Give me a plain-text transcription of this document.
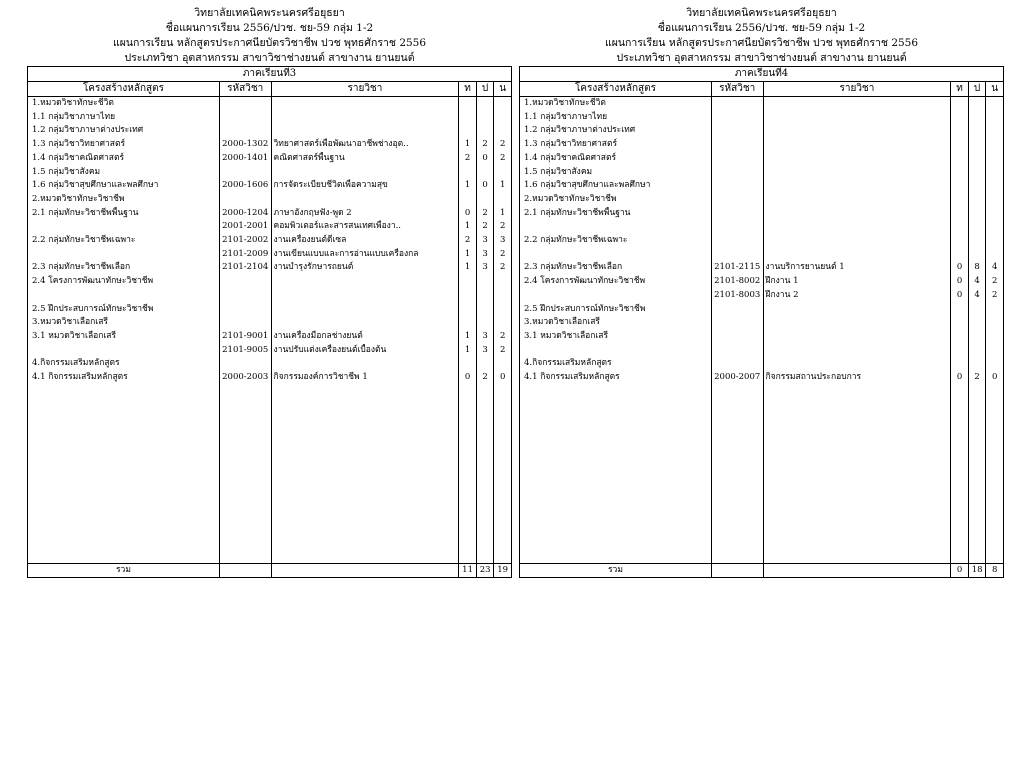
วิทยาลัยเทคนิคพระนครศรีอยุธยา
ชื่อแผนการเรียน 2556/ปวช. ชย-59 กลุ่ม 1-2
แผนการเรียน หลักสูตรประกาศนียบัตรวิชาชีพ ปวช พุทธศักราช 2556
ประเภทวิชา อุตสาหกรรม สาขาวิชาช่างยนต์ สาขางาน ยานยนต์
ภาคเรียนที่3					
โครงสร้างหลักสูตร	รหัสวิชา	รายวิชา	ท	ป	น
1.หมวดวิชาทักษะชีวิต					
1.1 กลุ่มวิชาภาษาไทย					
1.2 กลุ่มวิชาภาษาต่างประเทศ					
1.3 กลุ่มวิชาวิทยาศาสตร์	2000-1302	วิทยาศาสตร์เพื่อพัฒนาอาชีพช่างอุต..	1	2	2
1.4 กลุ่มวิชาคณิตศาสตร์	2000-1401	คณิตศาสตร์พื้นฐาน	2	0	2
1.5 กลุ่มวิชาสังคม					
1.6 กลุ่มวิชาสุขศึกษาและพลศึกษา	2000-1606	การจัดระเบียบชีวิตเพื่อความสุข	1	0	1
2.หมวดวิชาทักษะวิชาชีพ					
2.1 กลุ่มทักษะวิชาชีพพื้นฐาน	2000-1204	ภาษาอังกฤษฟัง-พูด 2	0	2	1
	2001-2001	คอมพิวเตอร์และสารสนเทศเพื่องา..	1	2	2
2.2 กลุ่มทักษะวิชาชีพเฉพาะ	2101-2002	งานเครื่องยนต์ดีเซล	2	3	3
	2101-2009	งานเขียนแบบและการอ่านแบบเครื่องกล	1	3	2
2.3 กลุ่มทักษะวิชาชีพเลือก	2101-2104	งานบำรุงรักษารถยนต์	1	3	2
2.4 โครงการพัฒนาทักษะวิชาชีพ					

2.5 ฝึกประสบการณ์ทักษะวิชาชีพ					
3.หมวดวิชาเลือกเสรี					
3.1 หมวดวิชาเลือกเสรี	2101-9001	งานเครื่องมือกลช่างยนต์	1	3	2
	2101-9005	งานปรับแต่งเครื่องยนต์เบื้องต้น	1	3	2
4.กิจกรรมเสริมหลักสูตร					
4.1 กิจกรรมเสริมหลักสูตร	2000-2003	กิจกรรมองค์การวิชาชีพ 1	0	2	0

รวม			11	23	19
วิทยาลัยเทคนิคพระนครศรีอยุธยา
ชื่อแผนการเรียน 2556/ปวช. ชย-59 กลุ่ม 1-2
แผนการเรียน หลักสูตรประกาศนียบัตรวิชาชีพ ปวช พุทธศักราช 2556
ประเภทวิชา อุตสาหกรรม สาขาวิชาช่างยนต์ สาขางาน ยานยนต์
ภาคเรียนที่4					
โครงสร้างหลักสูตร	รหัสวิชา	รายวิชา	ท	ป	น
1.หมวดวิชาทักษะชีวิต					
1.1 กลุ่มวิชาภาษาไทย					
1.2 กลุ่มวิชาภาษาต่างประเทศ					
1.3 กลุ่มวิชาวิทยาศาสตร์					
1.4 กลุ่มวิชาคณิตศาสตร์					
1.5 กลุ่มวิชาสังคม					
1.6 กลุ่มวิชาสุขศึกษาและพลศึกษา					
2.หมวดวิชาทักษะวิชาชีพ					
2.1 กลุ่มทักษะวิชาชีพพื้นฐาน					

2.2 กลุ่มทักษะวิชาชีพเฉพาะ					

2.3 กลุ่มทักษะวิชาชีพเลือก	2101-2115	งานบริการยานยนต์ 1	0	8	4
2.4 โครงการพัฒนาทักษะวิชาชีพ	2101-8002	ฝึกงาน 1	0	4	2
	2101-8003	ฝึกงาน 2	0	4	2
2.5 ฝึกประสบการณ์ทักษะวิชาชีพ					
3.หมวดวิชาเลือกเสรี					
3.1 หมวดวิชาเลือกเสรี					

4.กิจกรรมเสริมหลักสูตร					
4.1 กิจกรรมเสริมหลักสูตร	2000-2007	กิจกรรมสถานประกอบการ	0	2	0

รวม			0	18	8
